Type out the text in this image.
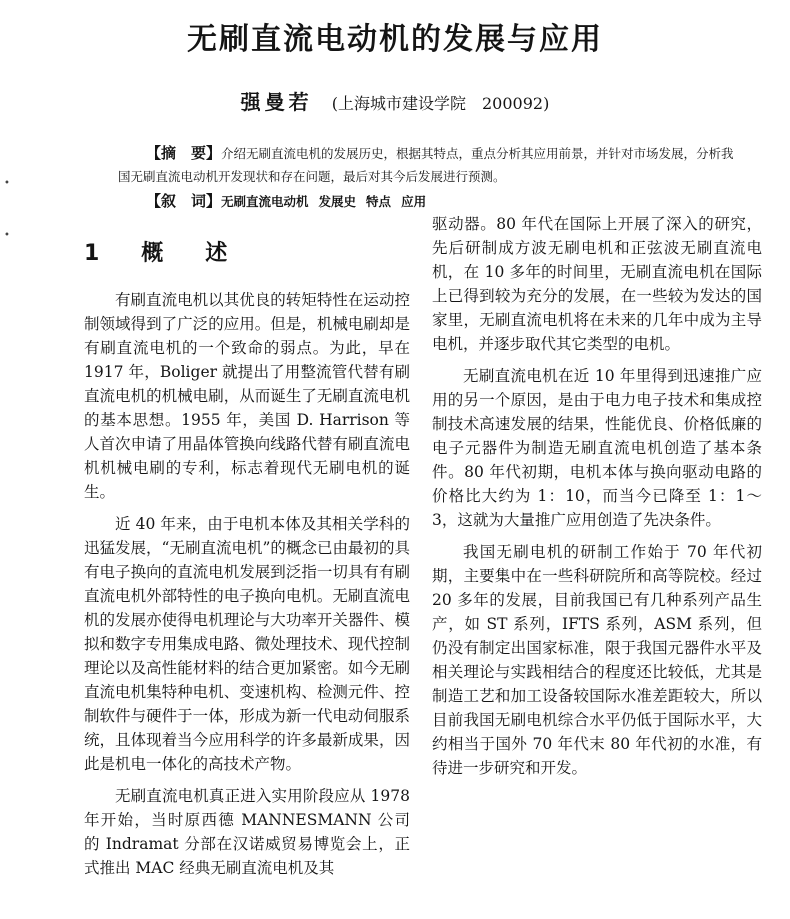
无刷直流电动机的发展与应用
强曼若 (上海城市建设学院　200092)

【摘　要】介绍无刷直流电机的发展历史，根据其特点，重点分析其应用前景，并针对市场发展，分析我国无刷直流电动机开发现状和存在问题，最后对其今后发展进行预测。

【叙　词】无刷直流电动机 发展史 特点 应用

1　概　述

有刷直流电机以其优良的转矩特性在运动控制领域得到了广泛的应用。但是，机械电刷却是有刷直流电机的一个致命的弱点。为此，早在 1917 年，Boliger 就提出了用整流管代替有刷直流电机的机械电刷，从而诞生了无刷直流电机的基本思想。1955 年，美国 D. Harrison 等人首次申请了用晶体管换向线路代替有刷直流电机机械电刷的专利，标志着现代无刷电机的诞生。

近 40 年来，由于电机本体及其相关学科的迅猛发展，“无刷直流电机”的概念已由最初的具有电子换向的直流电机发展到泛指一切具有有刷直流电机外部特性的电子换向电机。无刷直流电机的发展亦使得电机理论与大功率开关器件、模拟和数字专用集成电路、微处理技术、现代控制理论以及高性能材料的结合更加紧密。如今无刷直流电机集特种电机、变速机构、检测元件、控制软件与硬件于一体，形成为新一代电动伺服系统，且体现着当今应用科学的许多最新成果，因此是机电一体化的高技术产物。

无刷直流电机真正进入实用阶段应从 1978 年开始，当时原西德 MANNESMANN 公司的 Indramat 分部在汉诺威贸易博览会上，正式推出 MAC 经典无刷直流电机及其

驱动器。80 年代在国际上开展了深入的研究，先后研制成方波无刷电机和正弦波无刷直流电机，在 10 多年的时间里，无刷直流电机在国际上已得到较为充分的发展，在一些较为发达的国家里，无刷直流电机将在未来的几年中成为主导电机，并逐步取代其它类型的电机。

无刷直流电机在近 10 年里得到迅速推广应用的另一个原因，是由于电力电子技术和集成控制技术高速发展的结果，性能优良、价格低廉的电子元器件为制造无刷直流电机创造了基本条件。80 年代初期，电机本体与换向驱动电路的价格比大约为 1：10，而当今已降至 1：1～3，这就为大量推广应用创造了先决条件。

我国无刷电机的研制工作始于 70 年代初期，主要集中在一些科研院所和高等院校。经过 20 多年的发展，目前我国已有几种系列产品生产，如 ST 系列，IFTS 系列，ASM 系列，但仍没有制定出国家标准，限于我国元器件水平及相关理论与实践相结合的程度还比较低，尤其是制造工艺和加工设备较国际水准差距较大，所以目前我国无刷电机综合水平仍低于国际水平，大约相当于国外 70 年代末 80 年代初的水准，有待进一步研究和开发。

•
•
